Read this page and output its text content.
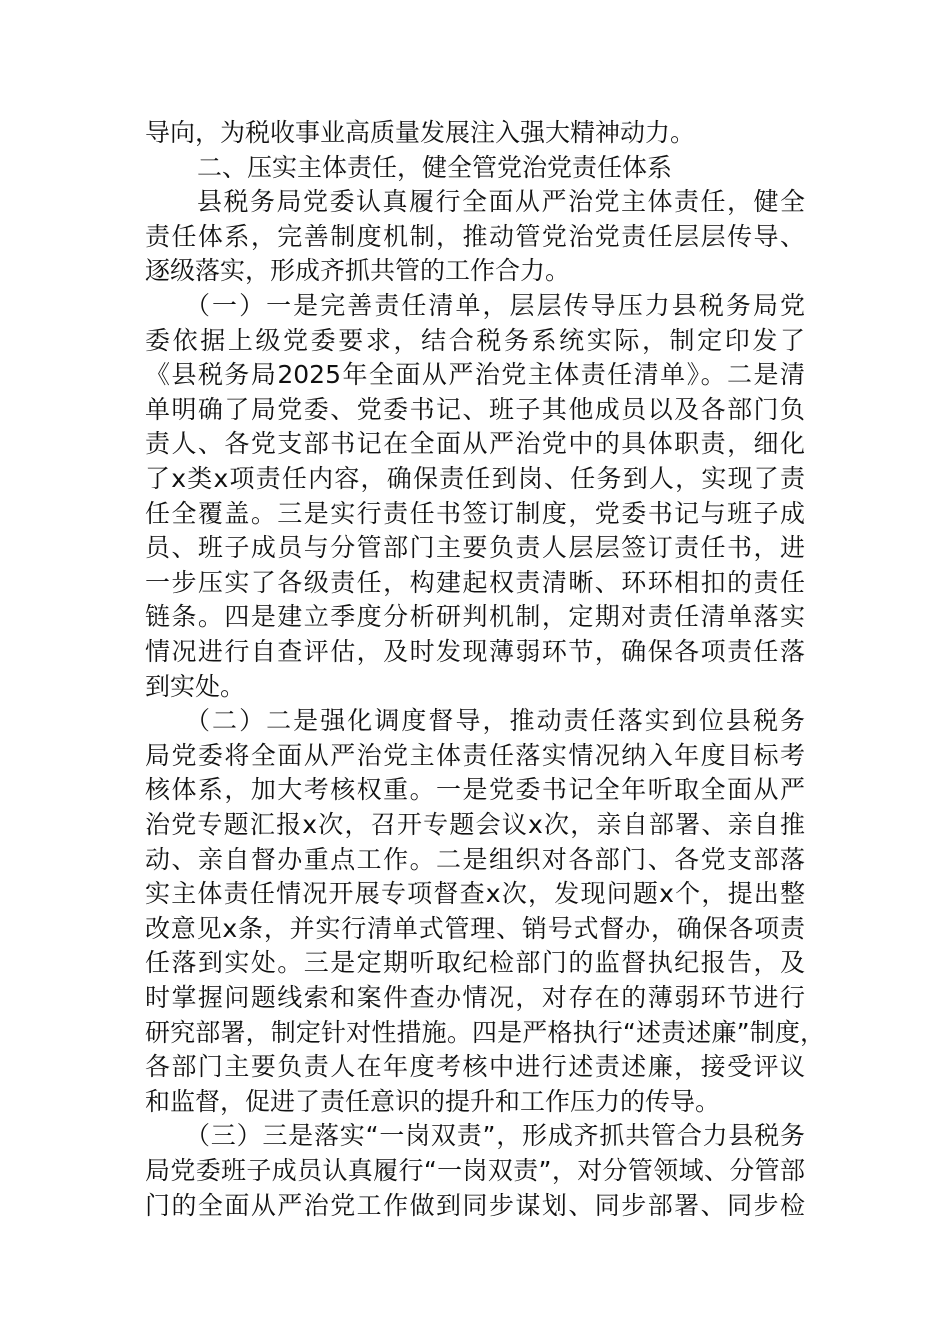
导向，为税收事业高质量发展注入强大精神动力。
二、压实主体责任，健全管党治党责任体系
县税务局党委认真履行全面从严治党主体责任，健全
责任体系，完善制度机制，推动管党治党责任层层传导、
逐级落实，形成齐抓共管的工作合力。
（一）一是完善责任清单，层层传导压力县税务局党
委依据上级党委要求，结合税务系统实际，制定印发了
《县税务局2025年全面从严治党主体责任清单》。二是清
单明确了局党委、党委书记、班子其他成员以及各部门负
责人、各党支部书记在全面从严治党中的具体职责，细化
了x类x项责任内容，确保责任到岗、任务到人，实现了责
任全覆盖。三是实行责任书签订制度，党委书记与班子成
员、班子成员与分管部门主要负责人层层签订责任书，进
一步压实了各级责任，构建起权责清晰、环环相扣的责任
链条。四是建立季度分析研判机制，定期对责任清单落实
情况进行自查评估，及时发现薄弱环节，确保各项责任落
到实处。
（二）二是强化调度督导，推动责任落实到位县税务
局党委将全面从严治党主体责任落实情况纳入年度目标考
核体系，加大考核权重。一是党委书记全年听取全面从严
治党专题汇报x次，召开专题会议x次，亲自部署、亲自推
动、亲自督办重点工作。二是组织对各部门、各党支部落
实主体责任情况开展专项督查x次，发现问题x个，提出整
改意见x条，并实行清单式管理、销号式督办，确保各项责
任落到实处。三是定期听取纪检部门的监督执纪报告，及
时掌握问题线索和案件查办情况，对存在的薄弱环节进行
研究部署，制定针对性措施。四是严格执行“述责述廉”制度，
各部门主要负责人在年度考核中进行述责述廉，接受评议
和监督，促进了责任意识的提升和工作压力的传导。
（三）三是落实“一岗双责”，形成齐抓共管合力县税务
局党委班子成员认真履行“一岗双责”，对分管领域、分管部
门的全面从严治党工作做到同步谋划、同步部署、同步检
